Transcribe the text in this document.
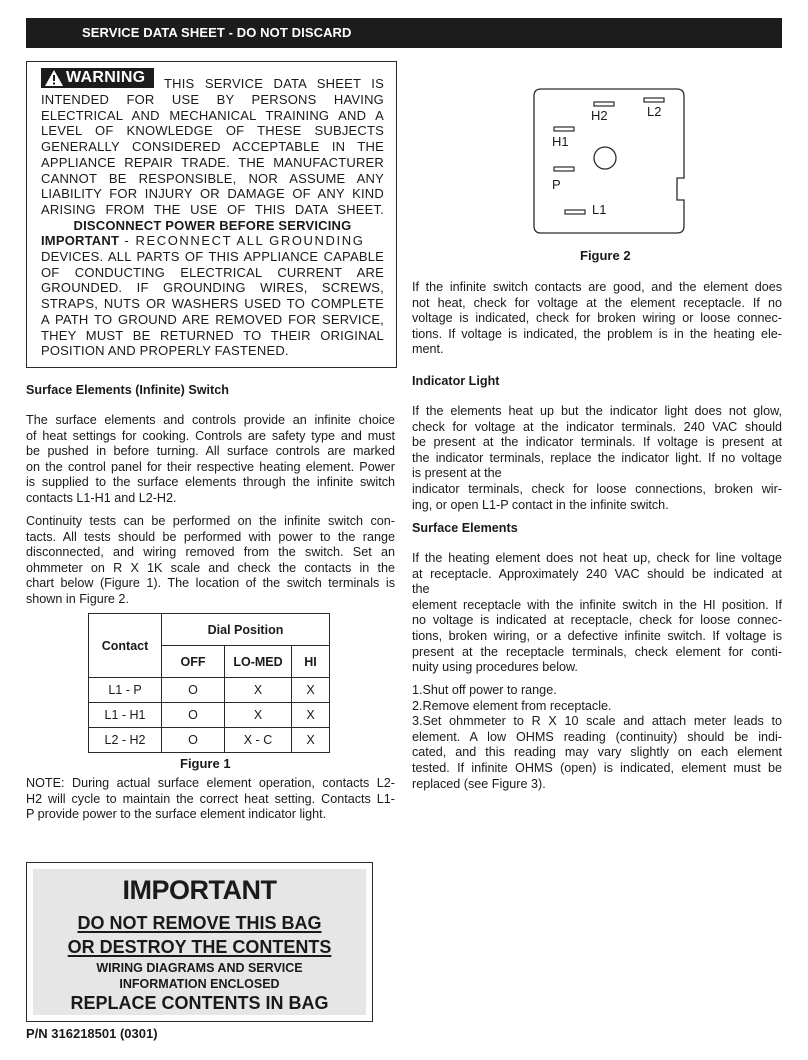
SERVICE DATA SHEET - DO NOT DISCARD
WARNING THIS SERVICE DATA SHEET IS
INTENDED FOR USE BY PERSONS HAVING
ELECTRICAL AND MECHANICAL TRAINING AND A
LEVEL OF KNOWLEDGE OF THESE SUBJECTS
GENERALLY CONSIDERED ACCEPTABLE IN THE
APPLIANCE REPAIR TRADE. THE MANUFACTURER
CANNOT BE RESPONSIBLE, NOR ASSUME ANY
LIABILITY FOR INJURY OR DAMAGE OF ANY KIND
ARISING FROM THE USE OF THIS DATA SHEET.
DISCONNECT POWER BEFORE SERVICING
IMPORTANT - RECONNECT ALL GROUNDING
DEVICES. ALL PARTS OF THIS APPLIANCE CAPABLE
OF CONDUCTING ELECTRICAL CURRENT ARE
GROUNDED. IF GROUNDING WIRES, SCREWS,
STRAPS, NUTS OR WASHERS USED TO COMPLETE
A PATH TO GROUND ARE REMOVED FOR SERVICE,
THEY MUST BE RETURNED TO THEIR ORIGINAL
POSITION AND PROPERLY FASTENED.
Surface Elements (Infinite) Switch
The surface elements and controls provide an infinite choice
of heat settings for cooking. Controls are safety type and must
be pushed in before turning. All surface controls are marked
on the control panel for their respective heating element. Power
is supplied to the surface elements through the infinite switch
contacts L1-H1 and L2-H2.
Continuity tests can be performed on the infinite switch con-
tacts. All tests should be performed with power to the range
disconnected, and wiring removed from the switch. Set an
ohmmeter on R X 1K scale and check the contacts in the
chart below (Figure 1). The location of the switch terminals is
shown in Figure 2.
Contact	Dial Position		
	OFF	LO-MED	HI
L1 - P	O	X	X
L1 - H1	O	X	X
L2 - H2	O	X - C	X
Figure 1
NOTE: During actual surface element operation, contacts L2-
H2 will cycle to maintain the correct heat setting. Contacts L1-
P provide power to the surface element indicator light.
IMPORTANT
DO NOT REMOVE THIS BAG
OR DESTROY THE CONTENTS
WIRING DIAGRAMS AND SERVICE
INFORMATION ENCLOSED
REPLACE CONTENTS IN BAG
P/N 316218501 (0301)
H2	L2
H1
P
L1
Figure 2
If the infinite switch contacts are good, and the element does
not heat, check for voltage at the element receptacle. If no
voltage is indicated, check for broken wiring or loose connec-
tions. If voltage is indicated, the problem is in the heating ele-
ment.
Indicator Light
If the elements heat up but the indicator light does not glow,
check for voltage at the indicator terminals. 240 VAC should
be present at the indicator terminals. If voltage is present at
the indicator terminals, replace the indicator light. If no voltage
is present at the
indicator terminals, check for loose connections, broken wir-
ing, or open L1-P contact in the infinite switch.
Surface Elements
If the heating element does not heat up, check for line voltage
at receptacle. Approximately 240 VAC should be indicated at
the
element receptacle with the infinite switch in the HI position. If
no voltage is indicated at receptacle, check for loose connec-
tions, broken wiring, or a defective infinite switch. If voltage is
present at the receptacle terminals, check element for conti-
nuity using procedures below.
1.Shut off power to range.
2.Remove element from receptacle.
3.Set ohmmeter to R X 10 scale and attach meter leads to
element. A low OHMS reading (continuity) should be indi-
cated, and this reading may vary slightly on each element
tested. If infinite OHMS (open) is indicated, element must be
replaced (see Figure 3).
